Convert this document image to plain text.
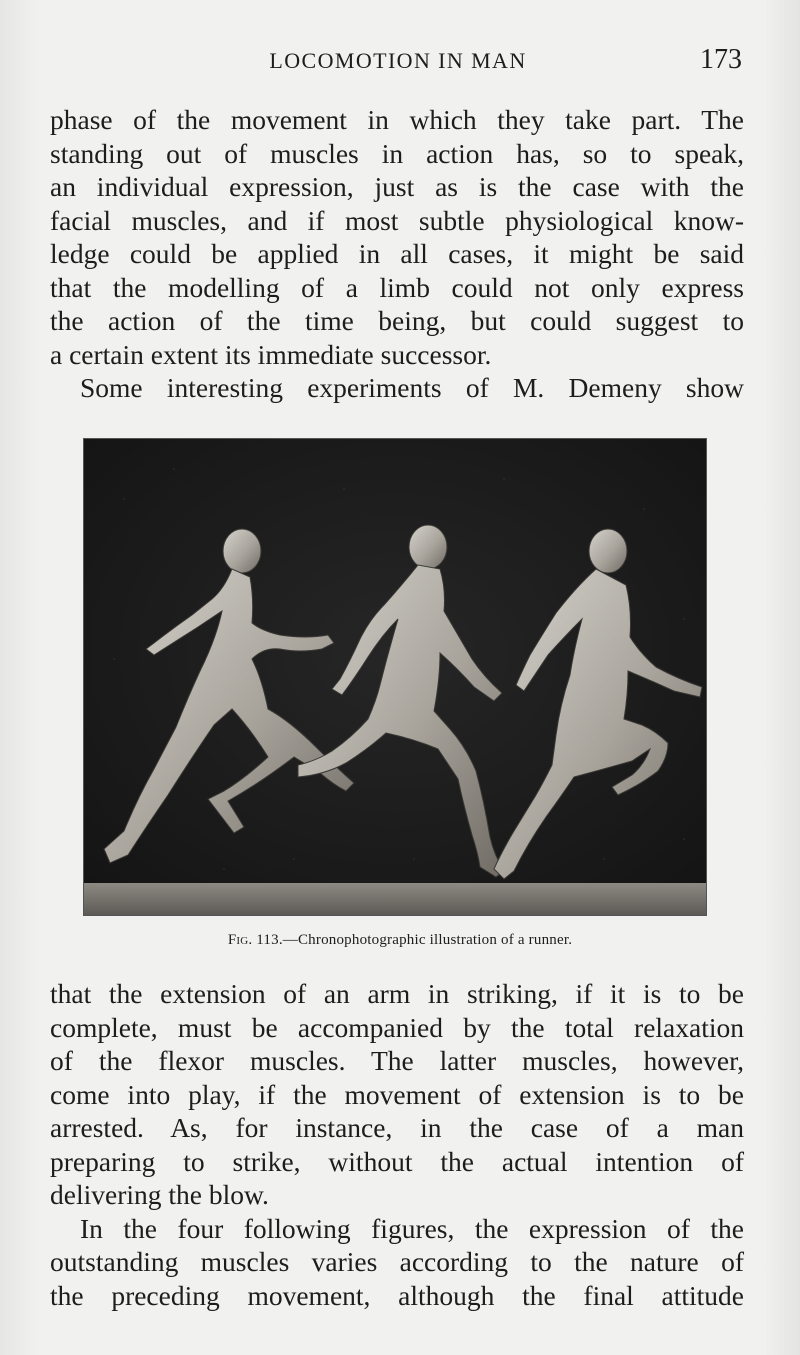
LOCOMOTION IN MAN	173
phase of the movement in which they take part. The
standing out of muscles in action has, so to speak,
an individual expression, just as is the case with the
facial muscles, and if most subtle physiological know-
ledge could be applied in all cases, it might be said
that the modelling of a limb could not only express
the action of the time being, but could suggest to
a certain extent its immediate successor.
Some interesting experiments of M. Demeny show
Fig. 113.—Chronophotographic illustration of a runner.
that the extension of an arm in striking, if it is to be
complete, must be accompanied by the total relaxation
of the flexor muscles. The latter muscles, however,
come into play, if the movement of extension is to be
arrested. As, for instance, in the case of a man
preparing to strike, without the actual intention of
delivering the blow.
In the four following figures, the expression of the
outstanding muscles varies according to the nature of
the preceding movement, although the final attitude
